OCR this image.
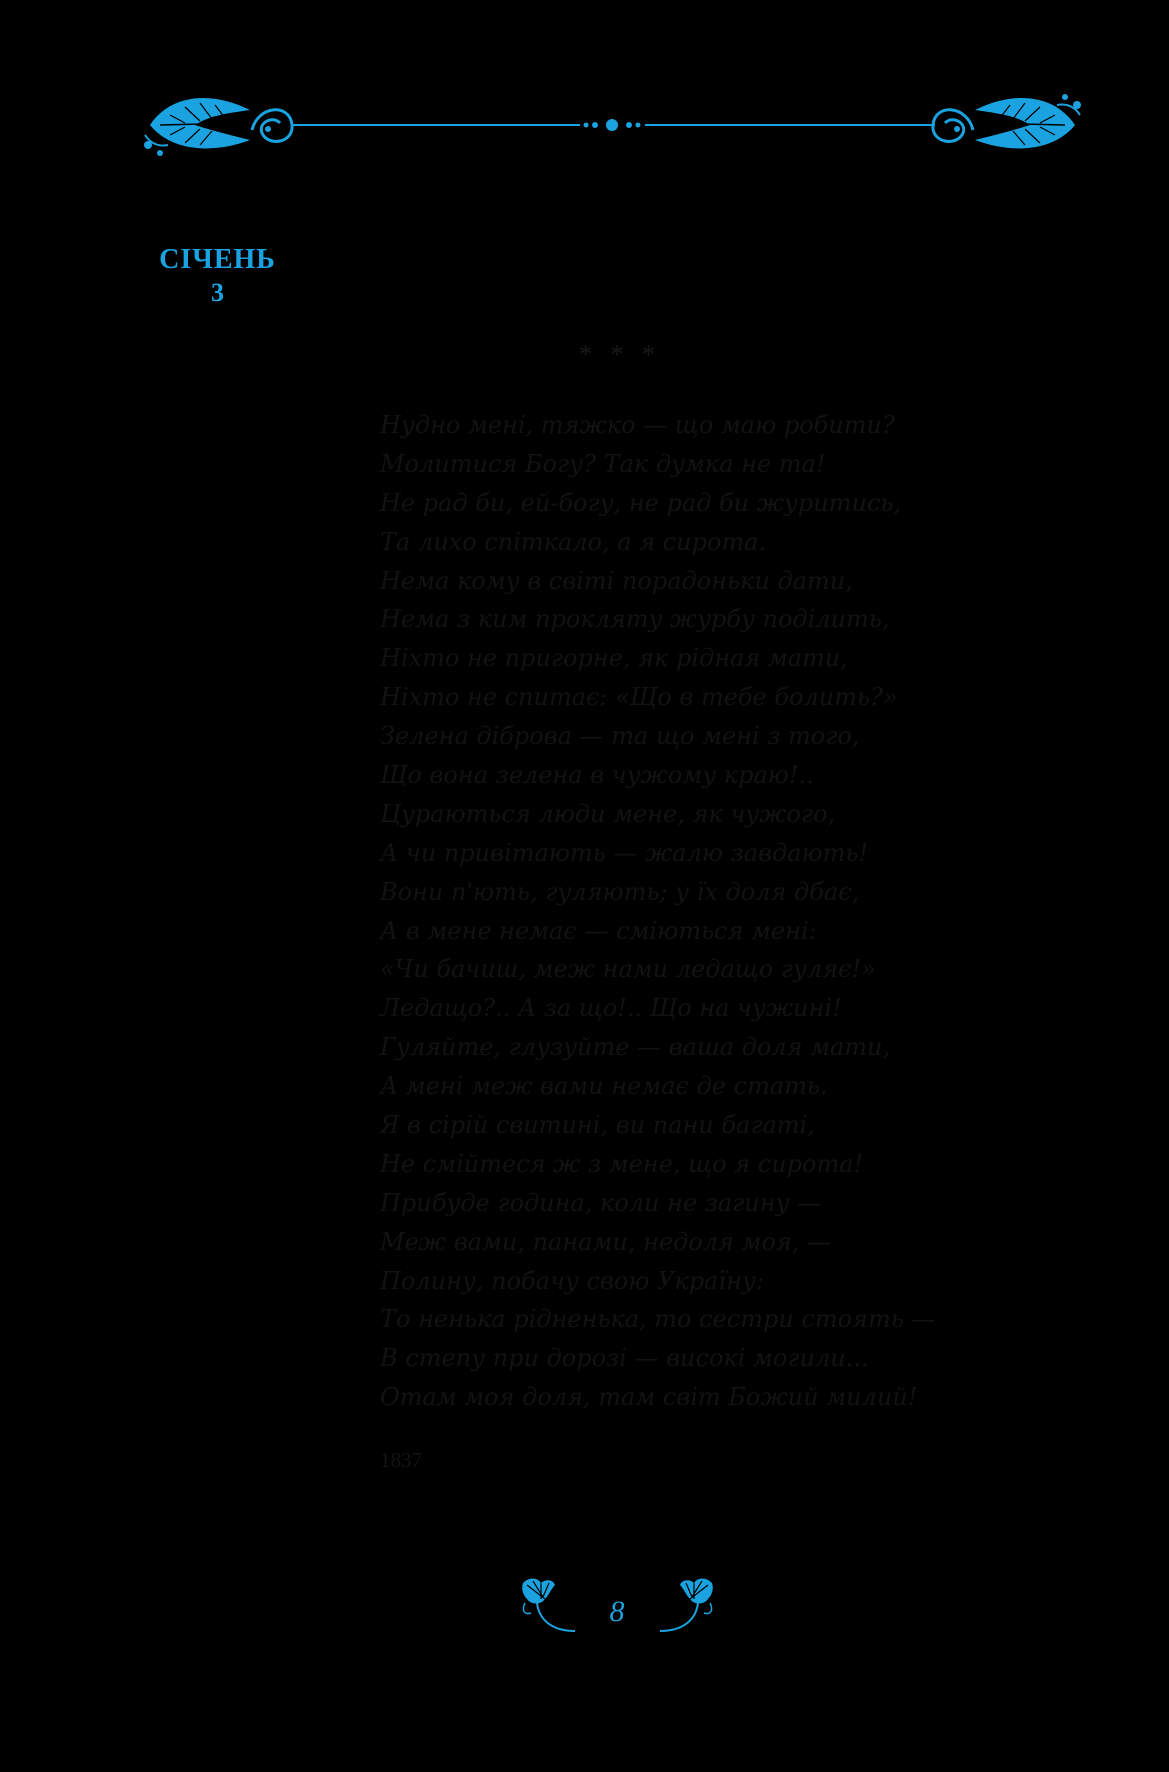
СІЧЕНЬ
3
* * *
Нудно мені, тяжко — що маю робити?
Молитися Богу? Так думка не та!
Не рад би, ей-богу, не рад би журитись,
Та лихо спіткало, а я сирота.
Нема кому в світі порадоньки дати,
Нема з ким проклятy журбу поділить,
Ніхто не пригорне, як рідная мати,
Ніхто не спитає: «Що в тебе болить?»
Зелена діброва — та що мені з того,
Що вона зелена в чужому краю!..
Цураються люди мене, як чужого,
А чи привітають — жалю завдають!
Вони п'ють, гуляють; у їх доля дбає,
А в мене немає — сміються мені:
«Чи бачиш, меж нами ледащо гуляє!»
Ледащо?.. А за що!.. Що на чужині!
Гуляйте, глузуйте — ваша доля мати,
А мені меж вами немає де стать.
Я в сірій свитині, ви пани багаті,
Не смійтеся ж з мене, що я сирота!
Прибуде година, коли не загину —
Меж вами, панами, недоля моя, —
Полину, побачу свою Україну:
То ненька рідненька, то сестри стоять —
В степу при дорозі — високі могили...
Отам моя доля, там світ Божий милий!
1837
8
